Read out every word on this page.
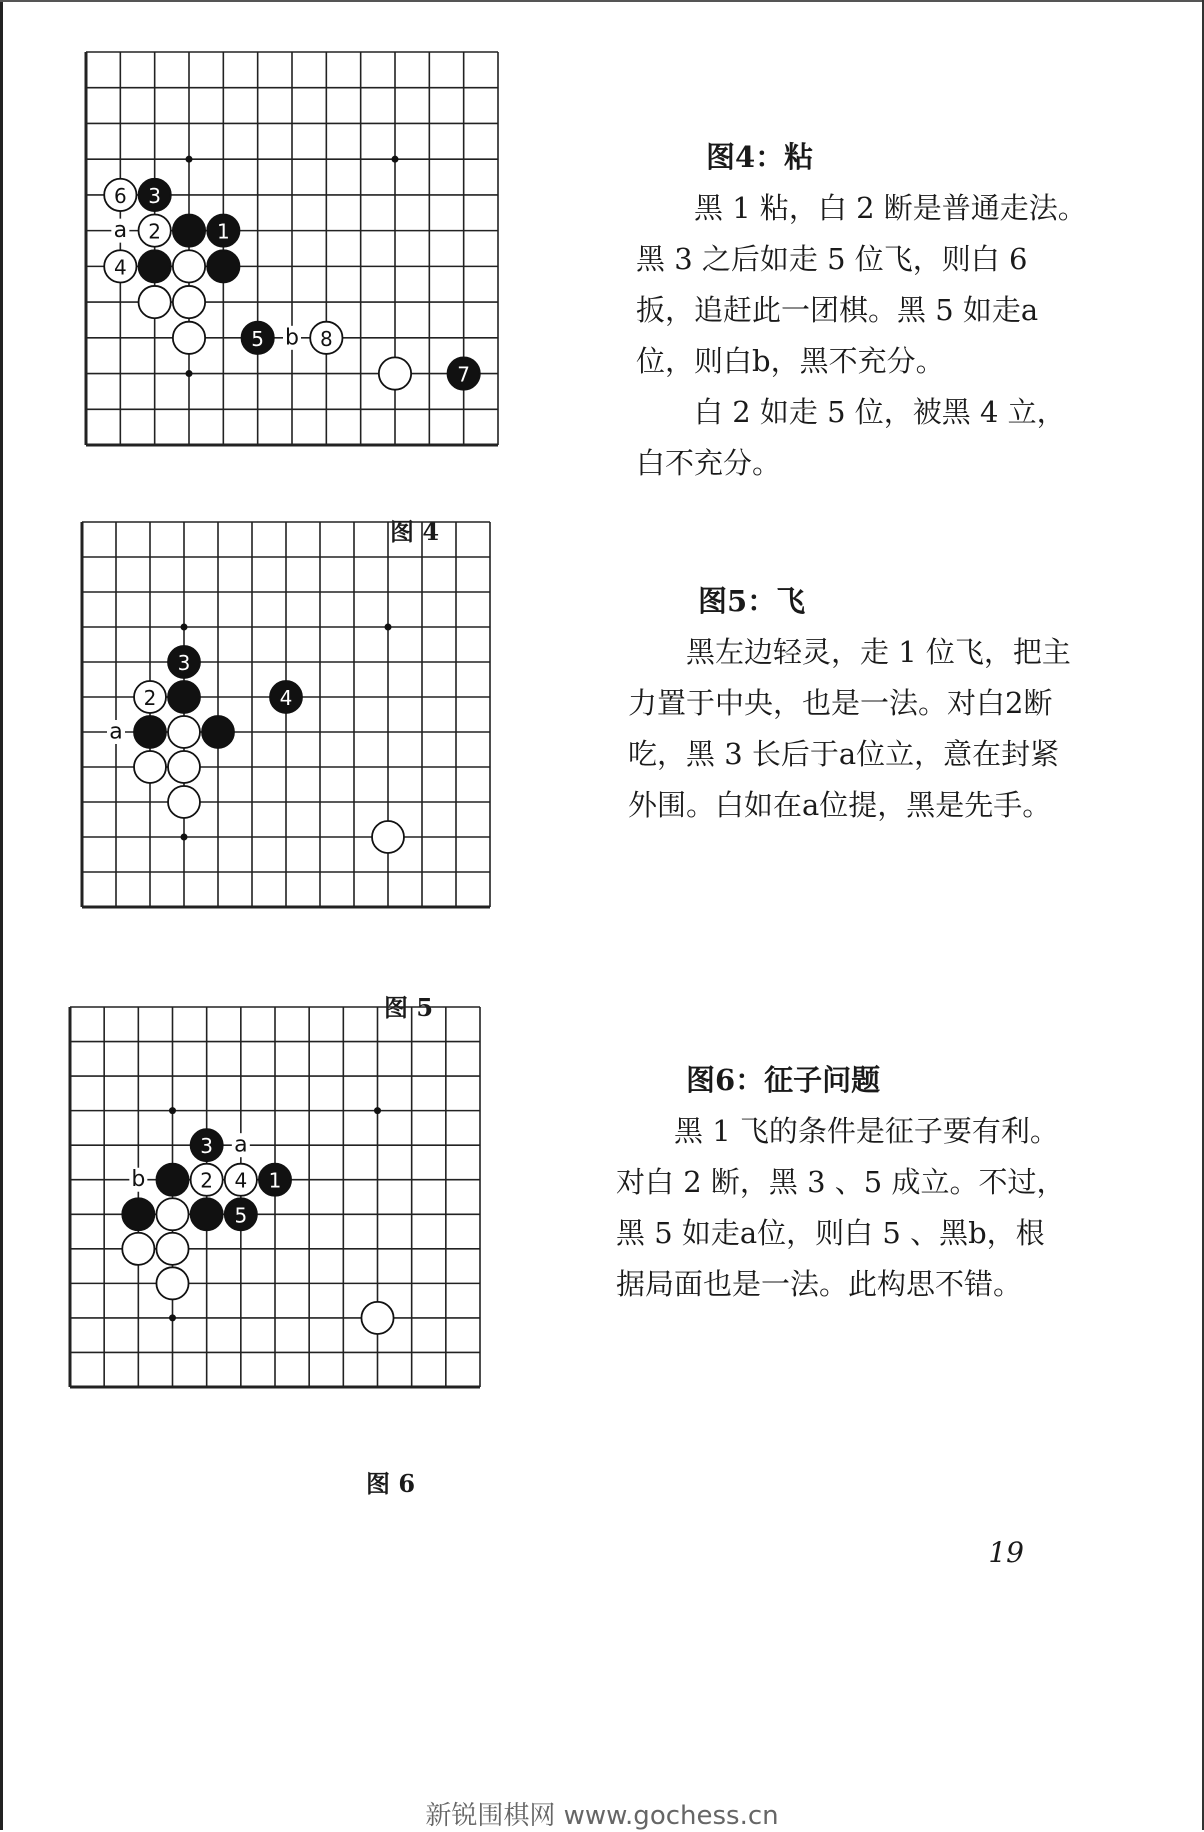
6 3
2	1
4
5	8
7
a
b
图 4
图4：粘

黑 1 粘，白 2 断是普通走法。黑 3 之后如走 5 位飞，则白 6 扳，追赶此一团棋。黑 5 如走a位，则白b，黑不充分。

白 2 如走 5 位，被黑 4 立，白不充分。

3
2	4
a
图 5
图5：飞

黑左边轻灵，走 1 位飞，把主力置于中央，也是一法。对白2断吃，黑 3 长后于a位立，意在封紧外围。白如在a位提，黑是先手。

3
2 4 1
5
a
b
图 6
图6：征子问题

黑 1 飞的条件是征子要有利。对白 2 断，黑 3 、5 成立。不过，黑 5 如走a位，则白 5 、黑b，根据局面也是一法。此构思不错。

19
新锐围棋网 www.gochess.cn
